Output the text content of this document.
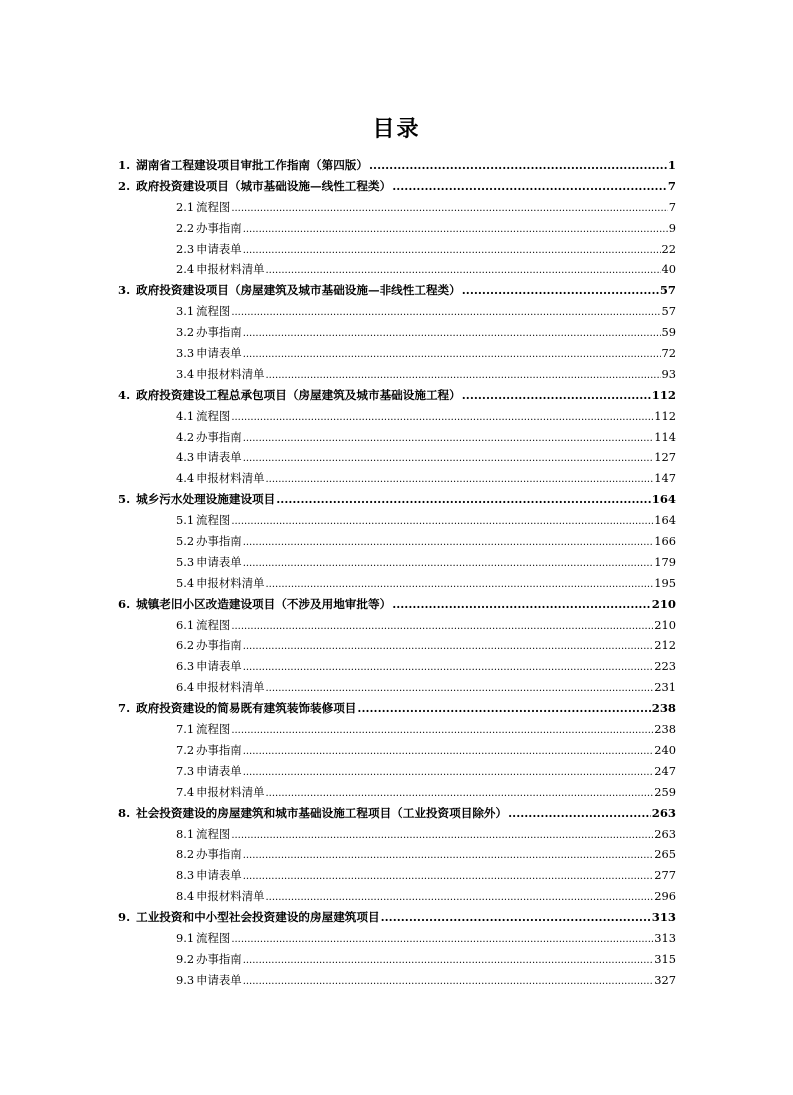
目录
1. 湖南省工程建设项目审批工作指南（第四版） .....	1
2. 政府投资建设项目（城市基础设施—线性工程类） .....	7
2.1 流程图 .....	7
2.2 办事指南 .....	9
2.3 申请表单 .....	22
2.4 申报材料清单 .....	40
3. 政府投资建设项目（房屋建筑及城市基础设施—非线性工程类） .....	57
3.1 流程图 .....	57
3.2 办事指南 .....	59
3.3 申请表单 .....	72
3.4 申报材料清单 .....	93
4. 政府投资建设工程总承包项目（房屋建筑及城市基础设施工程） .....	112
4.1 流程图 .....	112
4.2 办事指南 .....	114
4.3 申请表单 .....	127
4.4 申报材料清单 .....	147
5. 城乡污水处理设施建设项目 .....	164
5.1 流程图 .....	164
5.2 办事指南 .....	166
5.3 申请表单 .....	179
5.4 申报材料清单 .....	195
6. 城镇老旧小区改造建设项目（不涉及用地审批等） .....	210
6.1 流程图 .....	210
6.2 办事指南 .....	212
6.3 申请表单 .....	223
6.4 申报材料清单 .....	231
7. 政府投资建设的简易既有建筑装饰装修项目 .....	238
7.1 流程图 .....	238
7.2 办事指南 .....	240
7.3 申请表单 .....	247
7.4 申报材料清单 .....	259
8. 社会投资建设的房屋建筑和城市基础设施工程项目（工业投资项目除外） .....	263
8.1 流程图 .....	263
8.2 办事指南 .....	265
8.3 申请表单 .....	277
8.4 申报材料清单 .....	296
9. 工业投资和中小型社会投资建设的房屋建筑项目 .....	313
9.1 流程图 .....	313
9.2 办事指南 .....	315
9.3 申请表单 .....	327
